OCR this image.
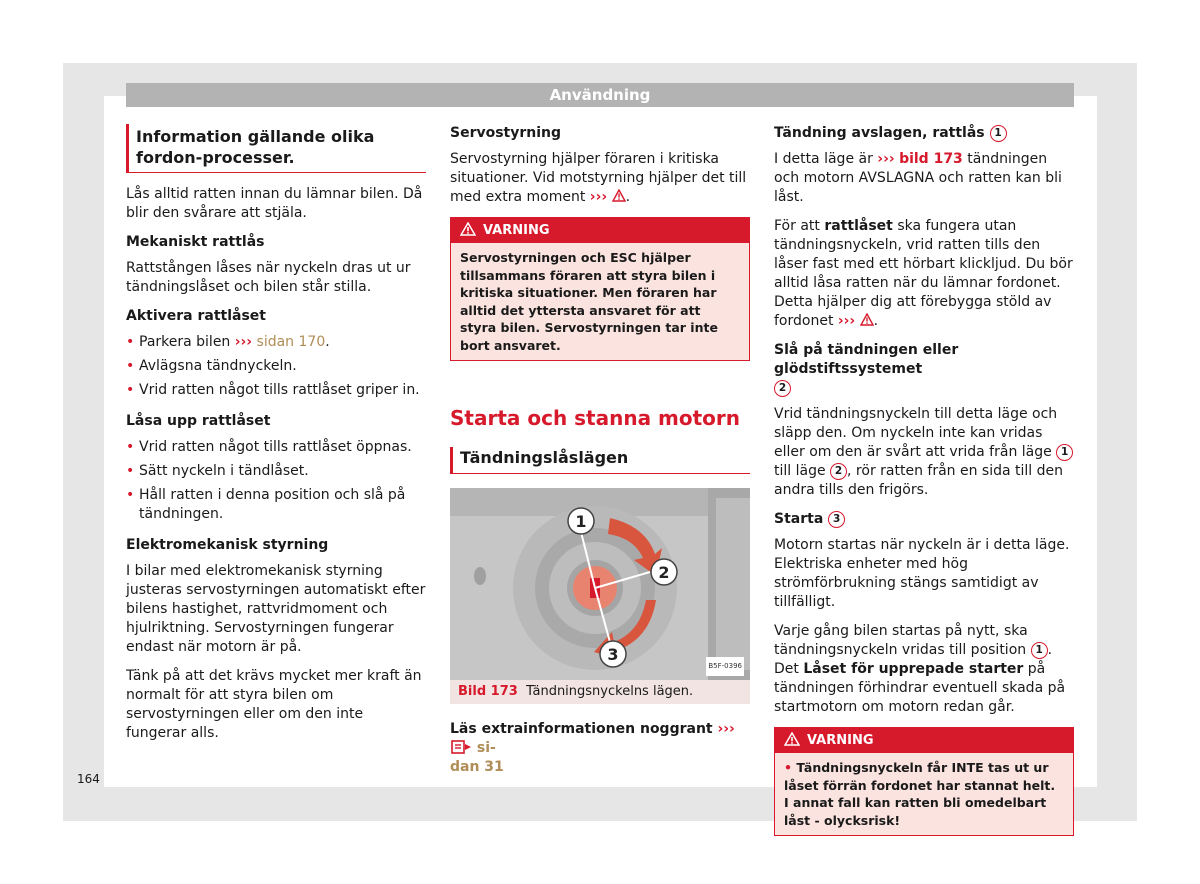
Användning
164
Information gällande olika fordon-processer.

Lås alltid ratten innan du lämnar bilen. Då blir den svårare att stjäla.

Mekaniskt rattlås

Rattstången låses när nyckeln dras ut ur tändningslåset och bilen står stilla.

Aktivera rattlåset
• Parkera bilen ››› sidan 170.
• Avlägsna tändnyckeln.
• Vrid ratten något tills rattlåset griper in.
Låsa upp rattlåset
• Vrid ratten något tills rattlåset öppnas.
• Sätt nyckeln i tändlåset.
• Håll ratten i denna position och slå på tändningen.
Elektromekanisk styrning

I bilar med elektromekanisk styrning justeras servostyrningen automatiskt efter bilens hastighet, rattvridmoment och hjulriktning. Servostyrningen fungerar endast när motorn är på.

Tänk på att det krävs mycket mer kraft än normalt för att styra bilen om servostyrningen eller om den inte fungerar alls.

Servostyrning

Servostyrning hjälper föraren i kritiska situationer. Vid motstyrning hjälper det till med extra moment ››› .

VARNING
Servostyrningen och ESC hjälper tillsammans föraren att styra bilen i kritiska situationer. Men föraren har alltid det yttersta ansvaret för att styra bilen. Servostyrningen tar inte bort ansvaret.
Starta och stanna motorn
Tändningslåslägen
1
2
3
B5F-0396
Bild 173 Tändningsnyckelns lägen.

Läs extrainformationen noggrant ›››  si-
dan 31

Tändning avslagen, rattlås 1

I detta läge är ››› bild 173 tändningen och motorn AVSLAGNA och ratten kan bli låst.

För att rattlåset ska fungera utan tändningsnyckeln, vrid ratten tills den låser fast med ett hörbart klickljud. Du bör alltid låsa ratten när du lämnar fordonet. Detta hjälper dig att förebygga stöld av fordonet ››› .

Slå på tändningen eller glödstiftssystemet
2

Vrid tändningsnyckeln till detta läge och släpp den. Om nyckeln inte kan vridas eller om den är svårt att vrida från läge 1 till läge 2 , rör ratten från en sida till den andra tills den frigörs.

Starta 3

Motorn startas när nyckeln är i detta läge. Elektriska enheter med hög strömförbrukning stängs samtidigt av tillfälligt.

Varje gång bilen startas på nytt, ska tändningsnyckeln vridas till position 1 . Det Låset för upprepade starter på tändningen förhindrar eventuell skada på startmotorn om motorn redan går.

VARNING
• Tändningsnyckeln får INTE tas ut ur låset förrän fordonet har stannat helt. I annat fall kan ratten bli omedelbart låst - olycksrisk!
